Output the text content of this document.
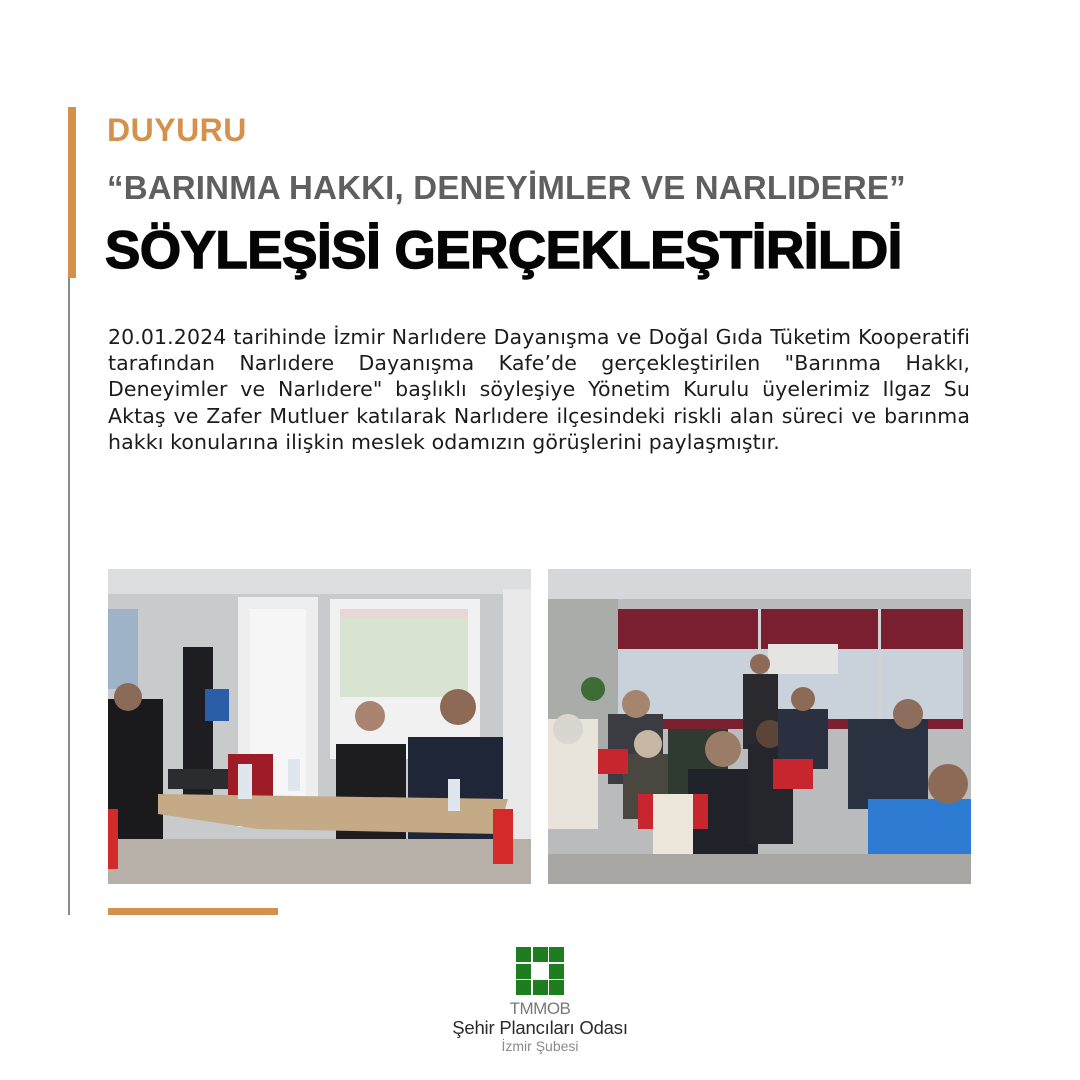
DUYURU
“BARINMA HAKKI, DENEYİMLER VE NARLIDERE”
SÖYLEŞİSİ GERÇEKLEŞTİRİLDİ

20.01.2024 tarihinde İzmir Narlıdere Dayanışma ve Doğal Gıda Tüketim Kooperatifi tarafından Narlıdere Dayanışma Kafe’de gerçekleştirilen "Barınma Hakkı, Deneyimler ve Narlıdere" başlıklı söyleşiye Yönetim Kurulu üyelerimiz Ilgaz Su Aktaş ve Zafer Mutluer katılarak Narlıdere ilçesindeki riskli alan süreci ve barınma hakkı konularına ilişkin meslek odamızın görüşlerini paylaşmıştır.

TMMOB
Şehir Plancıları Odası
İzmir Şubesi
